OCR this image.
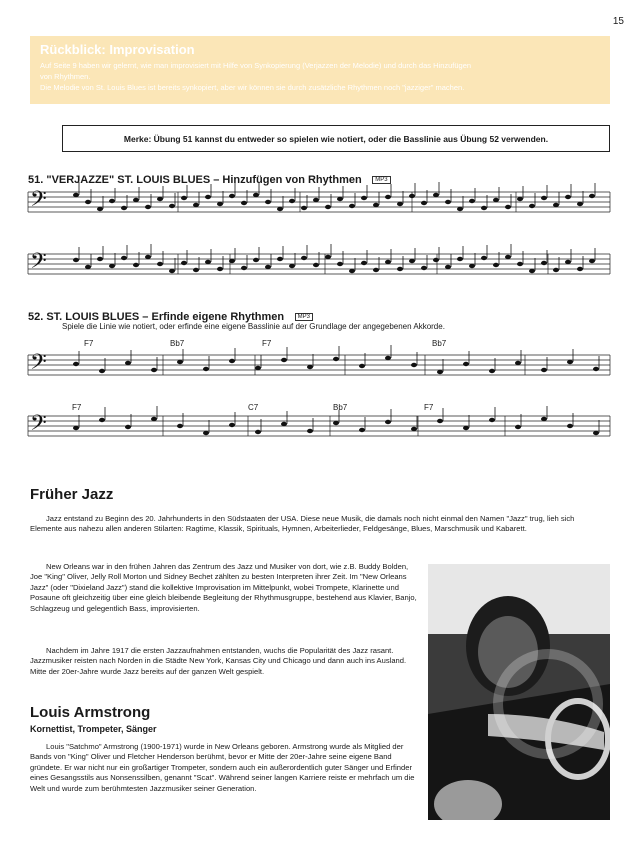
15
Rückblick: Improvisation
Auf Seite 9 haben wir gelernt, wie man improvisiert mit Hilfe von Synkopierung (Verjazzen der Melodie) und durch das Hinzufügen
von Rhythmen.
Die Melodie von St. Louis Blues ist bereits synkopiert, aber wir können sie durch zusätzliche Rhythmen noch "jazziger" machen.
Merke: Übung 51 kannst du entweder so spielen wie notiert, oder die Basslinie aus Übung 52 verwenden.
51. "VERJAZZE" ST. LOUIS BLUES – Hinzufügen von Rhythmen MP3
𝄢
𝄢
𝄢
𝄢
52. ST. LOUIS BLUES – Erfinde eigene Rhythmen MP3
Spiele die Linie wie notiert, oder erfinde eine eigene Basslinie auf der Grundlage der angegebenen Akkorde.
F7	Bb7	F7	Bb7
F7	C7	Bb7	F7
Früher Jazz
Jazz entstand zu Beginn des 20. Jahrhunderts in den Südstaaten der USA. Diese neue Musik, die damals noch nicht einmal den Namen "Jazz" trug, lieh sich Elemente aus nahezu allen anderen Stilarten: Ragtime, Klassik, Spirituals, Hymnen, Arbeiterlieder, Feldgesänge, Blues, Marschmusik und Kabarett.
New Orleans war in den frühen Jahren das Zentrum des Jazz und Musiker von dort, wie z.B. Buddy Bolden, Joe "King" Oliver, Jelly Roll Morton und Sidney Bechet zählten zu besten Interpreten ihrer Zeit. Im "New Orleans Jazz" (oder "Dixieland Jazz") stand die kollektive Improvisation im Mittelpunkt, wobei Trompete, Klarinette und Posaune oft gleichzeitig über eine gleich bleibende Begleitung der Rhythmusgruppe, bestehend aus Klavier, Banjo, Schlagzeug und gelegentlich Bass, improvisierten.
Nachdem im Jahre 1917 die ersten Jazzaufnahmen entstanden, wuchs die Popularität des Jazz rasant. Jazzmusiker reisten nach Norden in die Städte New York, Kansas City und Chicago und dann auch ins Ausland. Mitte der 20er-Jahre wurde Jazz bereits auf der ganzen Welt gespielt.
Louis Armstrong
Kornettist, Trompeter, Sänger
Louis "Satchmo" Armstrong (1900-1971) wurde in New Orleans geboren. Armstrong wurde als Mitglied der Bands von "King" Oliver und Fletcher Henderson berühmt, bevor er Mitte der 20er-Jahre seine eigene Band gründete. Er war nicht nur ein großartiger Trompeter, sondern auch ein außerordentlich guter Sänger und Erfinder eines Gesangsstils aus Nonsenssilben, genannt "Scat". Während seiner langen Karriere reiste er mehrfach um die Welt und wurde zum berühmtesten Jazzmusiker seiner Generation.
